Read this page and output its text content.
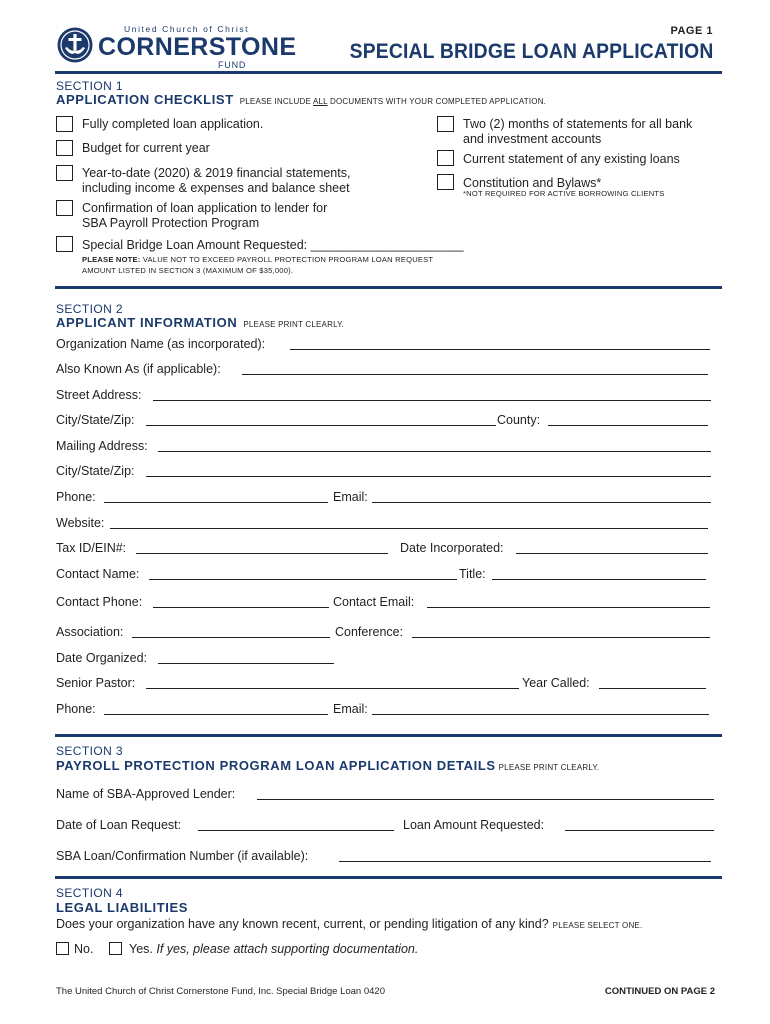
United Church of Christ
CORNERSTONE
FUND
PAGE 1
SPECIAL BRIDGE LOAN APPLICATION
SECTION 1
APPLICATION CHECKLIST PLEASE INCLUDE ALL DOCUMENTS WITH YOUR COMPLETED APPLICATION.
Fully completed loan application.
Budget for current year
Year-to-date (2020) & 2019 financial statements,
including income & expenses and balance sheet
Confirmation of loan application to lender for
SBA Payroll Protection Program
Special Bridge Loan Amount Requested: ______________________
PLEASE NOTE: VALUE NOT TO EXCEED PAYROLL PROTECTION PROGRAM LOAN REQUEST
AMOUNT LISTED IN SECTION 3 (MAXIMUM OF $35,000).
Two (2) months of statements for all bank
and investment accounts
Current statement of any existing loans
Constitution and Bylaws*
*NOT REQUIRED FOR ACTIVE BORROWING CLIENTS
SECTION 2
APPLICANT INFORMATION PLEASE PRINT CLEARLY.
Organization Name (as incorporated):
Also Known As (if applicable):
Street Address:
City/State/Zip:	County:
Mailing Address:
City/State/Zip:
Phone:	Email:
Website:
Tax ID/EIN#:	Date Incorporated:
Contact Name:	Title:
Contact Phone:	Contact Email:
Association:	Conference:
Date Organized:
Senior Pastor:	Year Called:
Phone:	Email:
SECTION 3
PAYROLL PROTECTION PROGRAM LOAN APPLICATION DETAILS PLEASE PRINT CLEARLY.
Name of SBA-Approved Lender:
Date of Loan Request:	Loan Amount Requested:
SBA Loan/Confirmation Number (if available):
SECTION 4
LEGAL LIABILITIES
Does your organization have any known recent, current, or pending litigation of any kind? PLEASE SELECT ONE.
No.	Yes. If yes, please attach supporting documentation.
The United Church of Christ Cornerstone Fund, Inc. Special Bridge Loan 0420	CONTINUED ON PAGE 2
